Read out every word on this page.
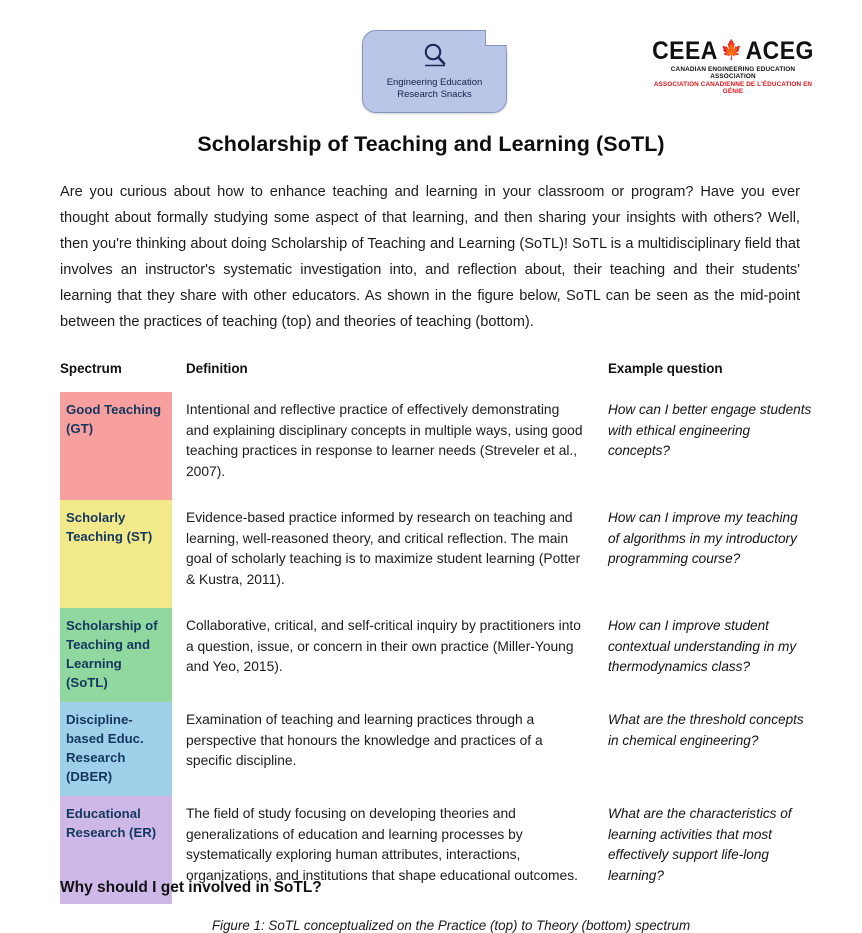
Engineering Education
Research Snacks
CEEA 🍁 ACEG
CANADIAN ENGINEERING EDUCATION ASSOCIATION
ASSOCIATION CANADIENNE DE L'ÉDUCATION EN GÉNIE
Scholarship of Teaching and Learning (SoTL)

Are you curious about how to enhance teaching and learning in your classroom or program? Have you ever thought about formally studying some aspect of that learning, and then sharing your insights with others? Well, then you're thinking about doing Scholarship of Teaching and Learning (SoTL)! SoTL is a multidisciplinary field that involves an instructor's systematic investigation into, and reflection about, their teaching and their students' learning that they share with other educators. As shown in the figure below, SoTL can be seen as the mid-point between the practices of teaching (top) and theories of teaching (bottom).

Spectrum	Definition	Example question
Good Teaching (GT)	Intentional and reflective practice of effectively demonstrating and explaining disciplinary concepts in multiple ways, using good teaching practices in response to learner needs (Streveler et al., 2007).	How can I better engage students with ethical engineering concepts?
Scholarly Teaching (ST)	Evidence-based practice informed by research on teaching and learning, well-reasoned theory, and critical reflection. The main goal of scholarly teaching is to maximize student learning (Potter & Kustra, 2011).	How can I improve my teaching of algorithms in my introductory programming course?
Scholarship of Teaching and Learning (SoTL)	Collaborative, critical, and self-critical inquiry by practitioners into a question, issue, or concern in their own practice (Miller-Young and Yeo, 2015).	How can I improve student contextual understanding in my thermodynamics class?
Discipline-based Educ. Research (DBER)	Examination of teaching and learning practices through a perspective that honours the knowledge and practices of a specific discipline.	What are the threshold concepts in chemical engineering?
Educational Research (ER)	The field of study focusing on developing theories and generalizations of education and learning processes by systematically exploring human attributes, interactions, organizations, and institutions that shape educational outcomes.	What are the characteristics of learning activities that most effectively support life-long learning?
Figure 1: SoTL conceptualized on the Practice (top) to Theory (bottom) spectrum
Why should I get involved in SoTL?
